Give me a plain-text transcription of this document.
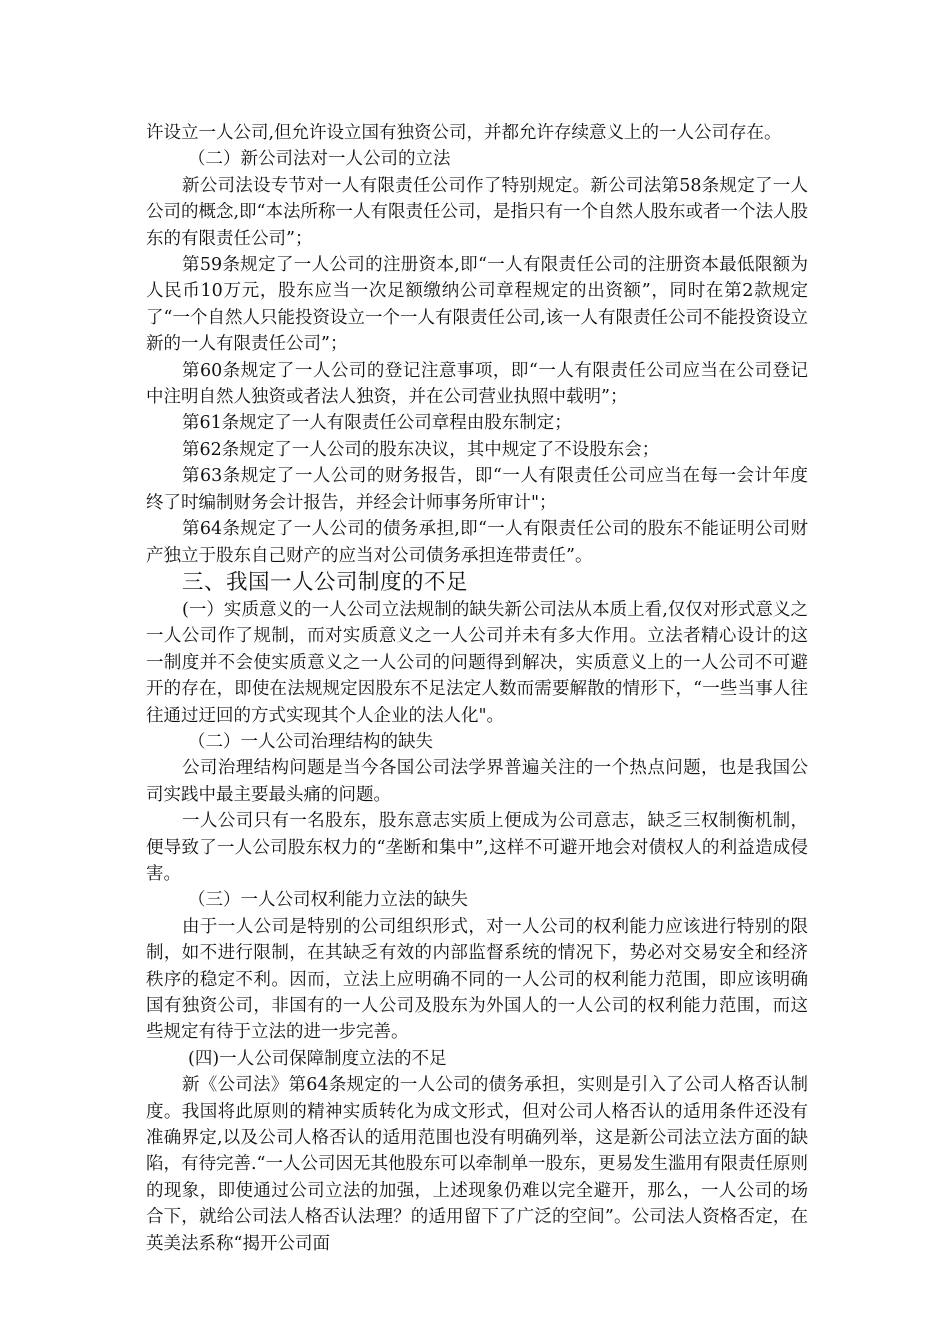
许设立一人公司,但允许设立国有独资公司，并都允许存续意义上的一人公司存在。

（二）新公司法对一人公司的立法

新公司法设专节对一人有限责任公司作了特别规定。新公司法第58条规定了一人公司的概念,即“本法所称一人有限责任公司，是指只有一个自然人股东或者一个法人股东的有限责任公司”；

第59条规定了一人公司的注册资本,即“一人有限责任公司的注册资本最低限额为人民币10万元，股东应当一次足额缴纳公司章程规定的出资额”，同时在第2款规定了“一个自然人只能投资设立一个一人有限责任公司,该一人有限责任公司不能投资设立新的一人有限责任公司”；

第60条规定了一人公司的登记注意事项，即“一人有限责任公司应当在公司登记中注明自然人独资或者法人独资，并在公司营业执照中载明”；

第61条规定了一人有限责任公司章程由股东制定；

第62条规定了一人公司的股东决议，其中规定了不设股东会；

第63条规定了一人公司的财务报告，即“一人有限责任公司应当在每一会计年度终了时编制财务会计报告，并经会计师事务所审计"；

第64条规定了一人公司的债务承担,即“一人有限责任公司的股东不能证明公司财产独立于股东自己财产的应当对公司债务承担连带责任”。

三、我国一人公司制度的不足

(一）实质意义的一人公司立法规制的缺失新公司法从本质上看,仅仅对形式意义之一人公司作了规制，而对实质意义之一人公司并未有多大作用。立法者精心设计的这一制度并不会使实质意义之一人公司的问题得到解决，实质意义上的一人公司不可避开的存在，即使在法规规定因股东不足法定人数而需要解散的情形下，“一些当事人往往通过迂回的方式实现其个人企业的法人化"。

（二）一人公司治理结构的缺失

公司治理结构问题是当今各国公司法学界普遍关注的一个热点问题，也是我国公司实践中最主要最头痛的问题。

一人公司只有一名股东，股东意志实质上便成为公司意志，缺乏三权制衡机制，便导致了一人公司股东权力的“垄断和集中”,这样不可避开地会对债权人的利益造成侵害。

（三）一人公司权利能力立法的缺失

由于一人公司是特别的公司组织形式，对一人公司的权利能力应该进行特别的限制，如不进行限制，在其缺乏有效的内部监督系统的情况下，势必对交易安全和经济秩序的稳定不利。因而，立法上应明确不同的一人公司的权利能力范围，即应该明确国有独资公司，非国有的一人公司及股东为外国人的一人公司的权利能力范围，而这些规定有待于立法的进一步完善。

(四)一人公司保障制度立法的不足

新《公司法》第64条规定的一人公司的债务承担，实则是引入了公司人格否认制度。我国将此原则的精神实质转化为成文形式，但对公司人格否认的适用条件还没有准确界定,以及公司人格否认的适用范围也没有明确列举，这是新公司法立法方面的缺陷，有待完善.“一人公司因无其他股东可以牵制单一股东，更易发生滥用有限责任原则的现象，即使通过公司立法的加强，上述现象仍难以完全避开，那么，一人公司的场合下，就给公司法人格否认法理？的适用留下了广泛的空间”。公司法人资格否定，在英美法系称“揭开公司面
